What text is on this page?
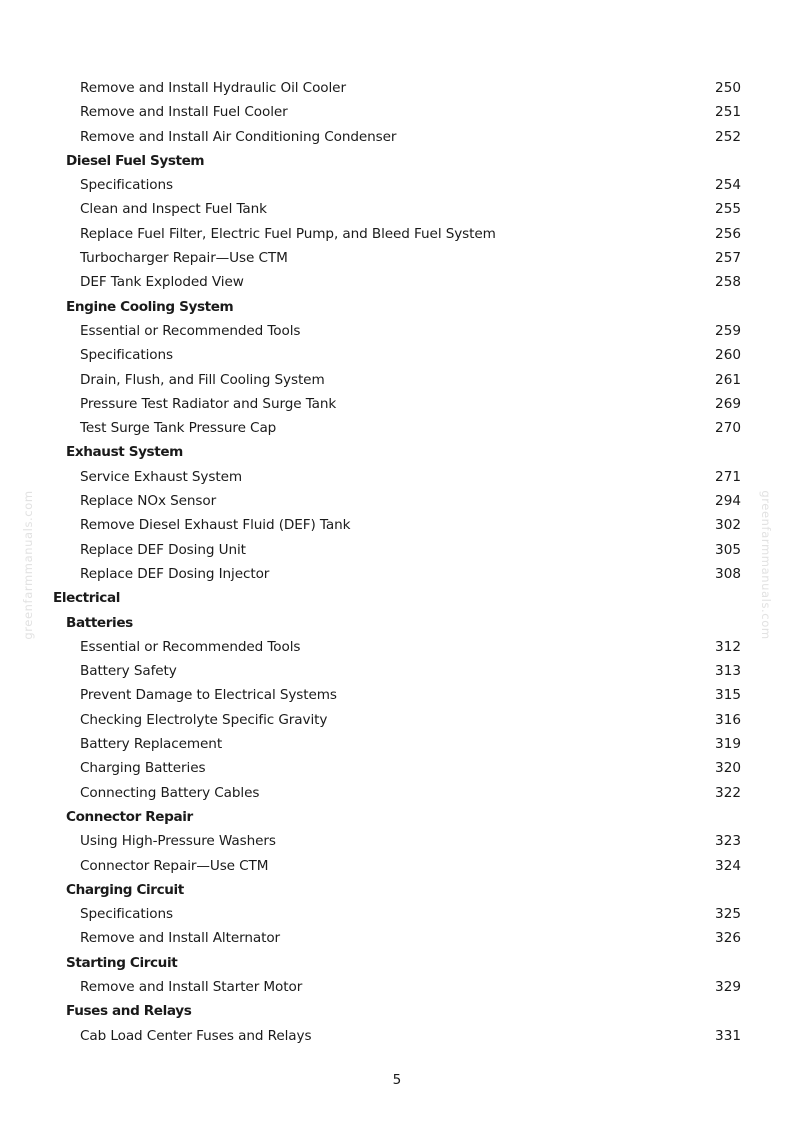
Remove and Install Hydraulic Oil Cooler	250
Remove and Install Fuel Cooler	251
Remove and Install Air Conditioning Condenser	252
Diesel Fuel System
Specifications	254
Clean and Inspect Fuel Tank	255
Replace Fuel Filter, Electric Fuel Pump, and Bleed Fuel System	256
Turbocharger Repair—Use CTM	257
DEF Tank Exploded View	258
Engine Cooling System
Essential or Recommended Tools	259
Specifications	260
Drain, Flush, and Fill Cooling System	261
Pressure Test Radiator and Surge Tank	269
Test Surge Tank Pressure Cap	270
Exhaust System
Service Exhaust System	271
Replace NOx Sensor	294
Remove Diesel Exhaust Fluid (DEF) Tank	302
Replace DEF Dosing Unit	305
Replace DEF Dosing Injector	308
Electrical
Batteries
Essential or Recommended Tools	312
Battery Safety	313
Prevent Damage to Electrical Systems	315
Checking Electrolyte Specific Gravity	316
Battery Replacement	319
Charging Batteries	320
Connecting Battery Cables	322
Connector Repair
Using High-Pressure Washers	323
Connector Repair—Use CTM	324
Charging Circuit
Specifications	325
Remove and Install Alternator	326
Starting Circuit
Remove and Install Starter Motor	329
Fuses and Relays
Cab Load Center Fuses and Relays	331
5
greenfarmmanuals.com	greenfarmmanuals.com
